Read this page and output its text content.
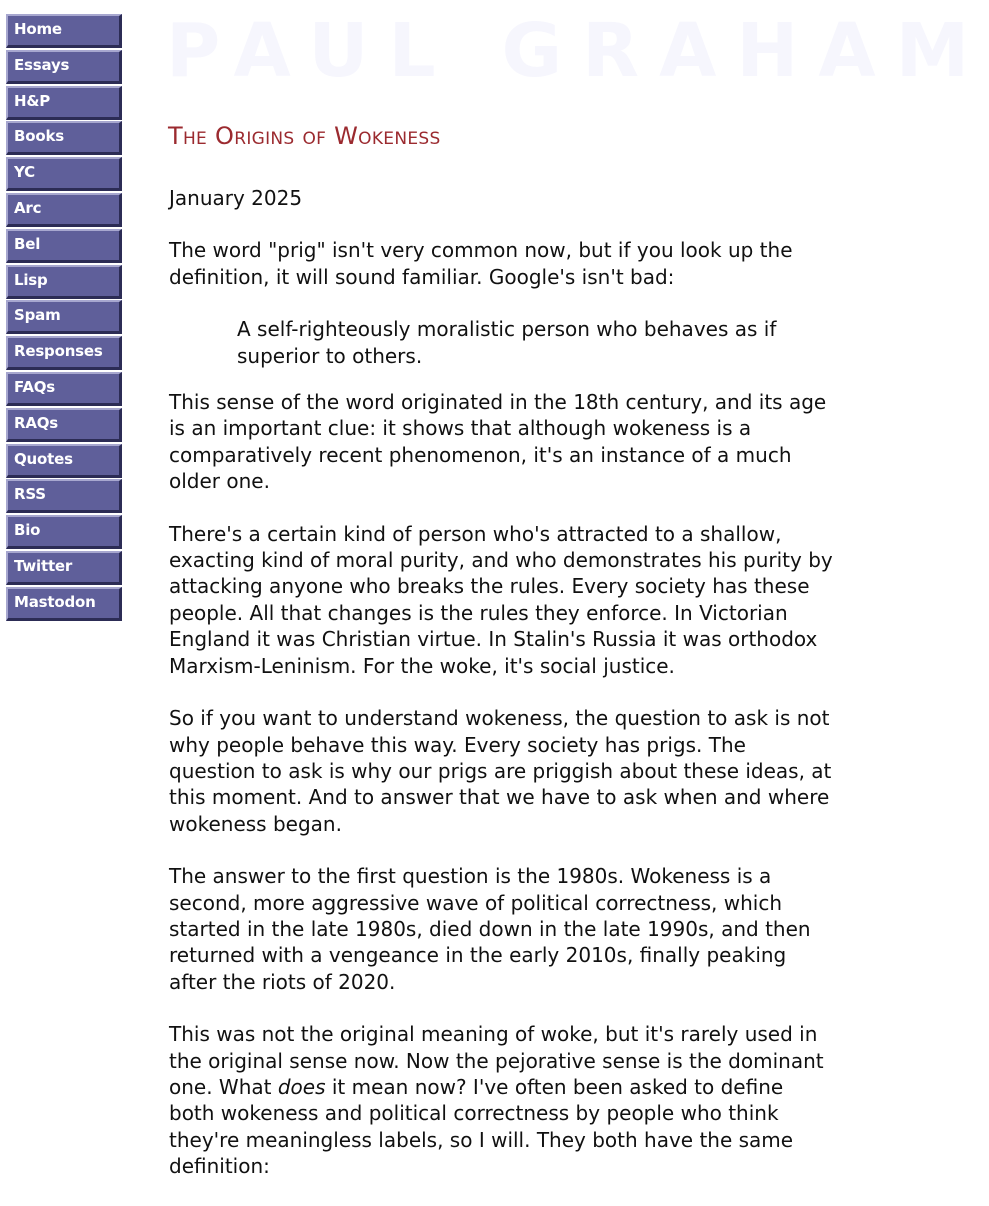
Home
Essays
H&P
Books
YC
Arc
Bel
Lisp
Spam
Responses
FAQs
RAQs
Quotes
RSS
Bio
Twitter
Mastodon
PAUL GRAHAM
The Origins of Wokeness

January 2025

The word "prig" isn't very common now, but if you look up the
definition, it will sound familiar. Google's isn't bad:

A self-righteously moralistic person who behaves as if
superior to others.

This sense of the word originated in the 18th century, and its age
is an important clue: it shows that although wokeness is a
comparatively recent phenomenon, it's an instance of a much
older one.

There's a certain kind of person who's attracted to a shallow,
exacting kind of moral purity, and who demonstrates his purity by
attacking anyone who breaks the rules. Every society has these
people. All that changes is the rules they enforce. In Victorian
England it was Christian virtue. In Stalin's Russia it was orthodox
Marxism-Leninism. For the woke, it's social justice.

So if you want to understand wokeness, the question to ask is not
why people behave this way. Every society has prigs. The
question to ask is why our prigs are priggish about these ideas, at
this moment. And to answer that we have to ask when and where
wokeness began.

The answer to the first question is the 1980s. Wokeness is a
second, more aggressive wave of political correctness, which
started in the late 1980s, died down in the late 1990s, and then
returned with a vengeance in the early 2010s, finally peaking
after the riots of 2020.

This was not the original meaning of woke, but it's rarely used in
the original sense now. Now the pejorative sense is the dominant
one. What does it mean now? I've often been asked to define
both wokeness and political correctness by people who think
they're meaningless labels, so I will. They both have the same
definition:
